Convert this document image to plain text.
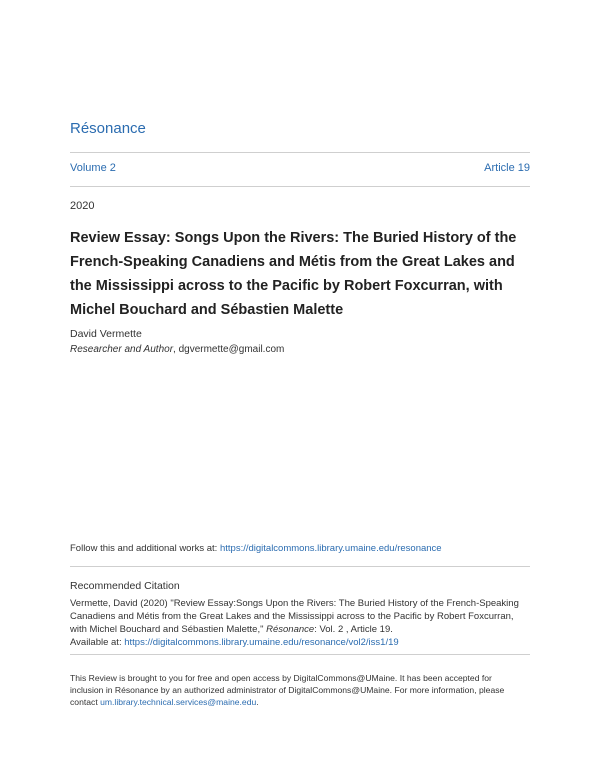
Résonance
Volume 2	Article 19
2020
Review Essay: Songs Upon the Rivers: The Buried History of the
French-Speaking Canadiens and Métis from the Great Lakes and
the Mississippi across to the Pacific by Robert Foxcurran, with
Michel Bouchard and Sébastien Malette
David Vermette
Researcher and Author, dgvermette@gmail.com
Follow this and additional works at: https://digitalcommons.library.umaine.edu/resonance
Recommended Citation

Vermette, David (2020) "Review Essay:Songs Upon the Rivers: The Buried History of the French-Speaking
Canadiens and Métis from the Great Lakes and the Mississippi across to the Pacific by Robert Foxcurran,
with Michel Bouchard and Sébastien Malette," Résonance: Vol. 2 , Article 19.
Available at: https://digitalcommons.library.umaine.edu/resonance/vol2/iss1/19

This Review is brought to you for free and open access by DigitalCommons@UMaine. It has been accepted for
inclusion in Résonance by an authorized administrator of DigitalCommons@UMaine. For more information, please
contact um.library.technical.services@maine.edu.
